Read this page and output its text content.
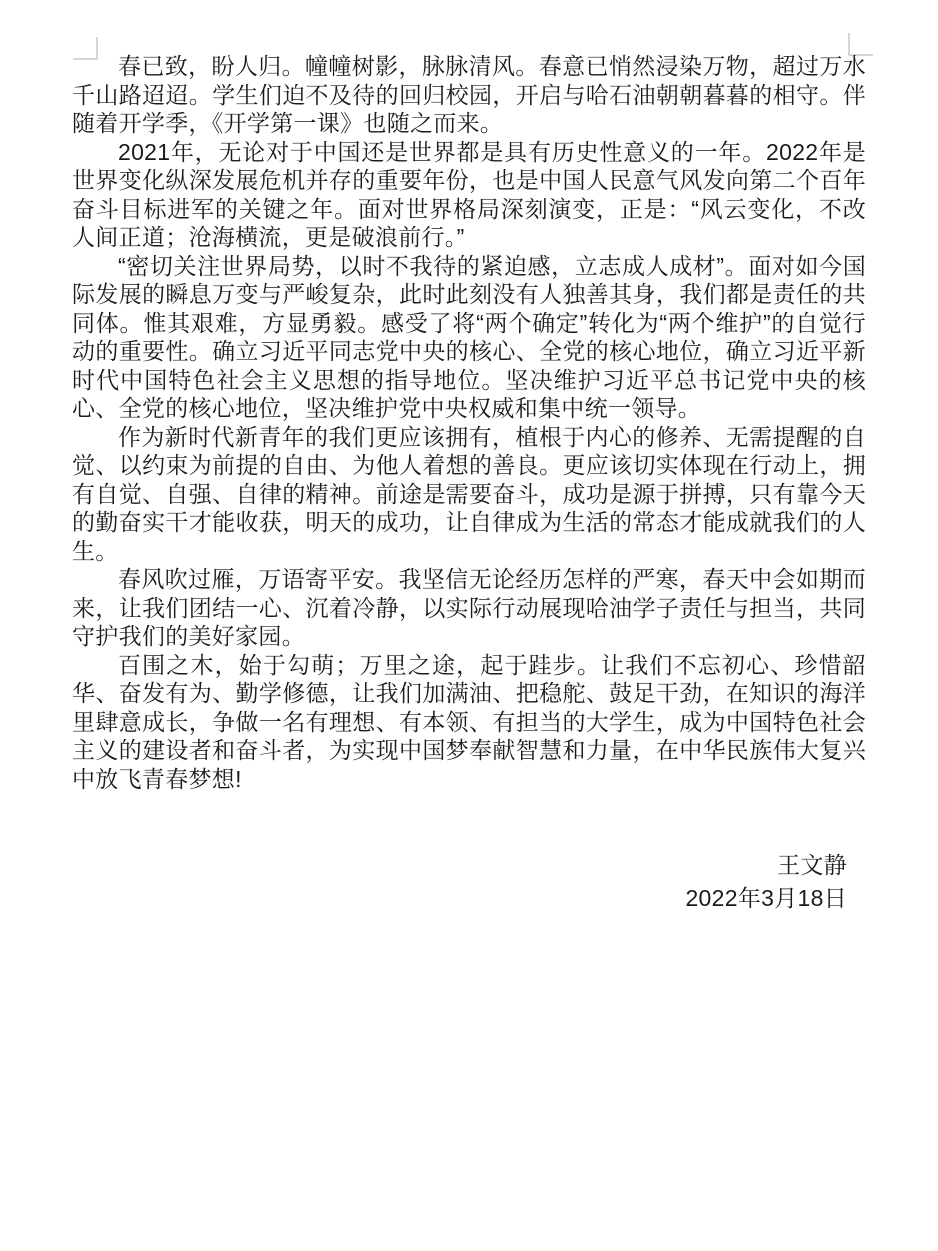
春已致，盼人归。幢幢树影，脉脉清风。春意已悄然浸染万物，超过万水千山路迢迢。学生们迫不及待的回归校园，开启与哈石油朝朝暮暮的相守。伴随着开学季，《开学第一课》也随之而来。

2021年，无论对于中国还是世界都是具有历史性意义的一年。2022年是世界变化纵深发展危机并存的重要年份，也是中国人民意气风发向第二个百年奋斗目标进军的关键之年。面对世界格局深刻演变，正是：“风云变化，不改人间正道；沧海横流，更是破浪前行。”

“密切关注世界局势，以时不我待的紧迫感，立志成人成材”。面对如今国际发展的瞬息万变与严峻复杂，此时此刻没有人独善其身，我们都是责任的共同体。惟其艰难，方显勇毅。感受了将“两个确定”转化为“两个维护”的自觉行动的重要性。确立习近平同志党中央的核心、全党的核心地位，确立习近平新时代中国特色社会主义思想的指导地位。坚决维护习近平总书记党中央的核心、全党的核心地位，坚决维护党中央权威和集中统一领导。

作为新时代新青年的我们更应该拥有，植根于内心的修养、无需提醒的自觉、以约束为前提的自由、为他人着想的善良。更应该切实体现在行动上，拥有自觉、自强、自律的精神。前途是需要奋斗，成功是源于拼搏，只有靠今天的勤奋实干才能收获，明天的成功，让自律成为生活的常态才能成就我们的人生。

春风吹过雁，万语寄平安。我坚信无论经历怎样的严寒，春天中会如期而来，让我们团结一心、沉着冷静，以实际行动展现哈油学子责任与担当，共同守护我们的美好家园。

百围之木，始于勾萌；万里之途，起于跬步。让我们不忘初心、珍惜韶华、奋发有为、勤学修德，让我们加满油、把稳舵、鼓足干劲，在知识的海洋里肆意成长，争做一名有理想、有本领、有担当的大学生，成为中国特色社会主义的建设者和奋斗者，为实现中国梦奉献智慧和力量，在中华民族伟大复兴中放飞青春梦想!

王文静
2022年3月18日
